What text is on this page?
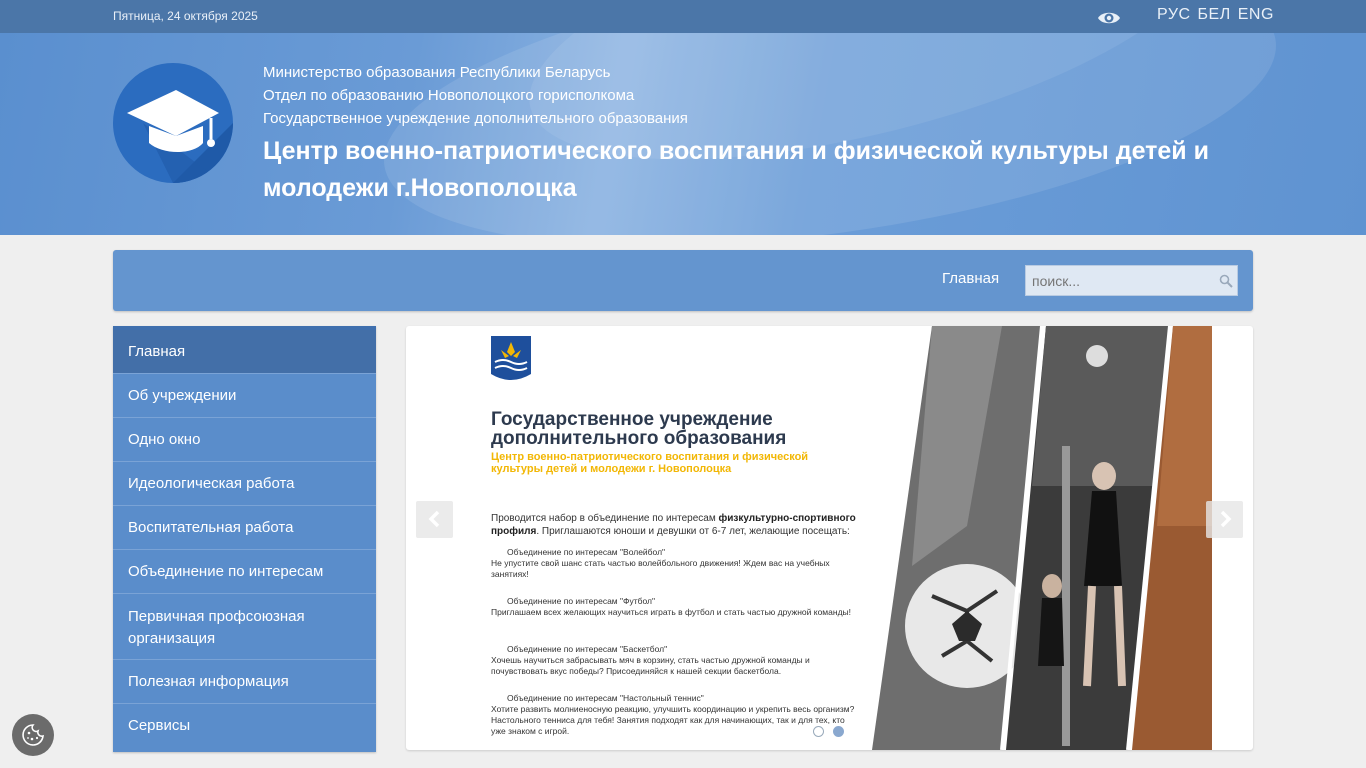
Пятница, 24 октября 2025	РУС БЕЛ ENG
Министерство образования Республики Беларусь
Отдел по образованию Новополоцкого горисполкома
Государственное учреждение дополнительного образования
Центр военно-патриотического воспитания и физической культуры детей и молодежи г.Новополоцка
Главная
поиск...
Главная
Об учреждении
Одно окно
Идеологическая работа
Воспитательная работа
Объединение по интересам
Первичная профсоюзная организация
Полезная информация
Сервисы
Государственное учреждение дополнительного образования
Центр военно-патриотического воспитания и физической культуры детей и молодежи г. Новополоцка
Проводится набор в объединение по интересам физкультурно-спортивного профиля. Приглашаются юноши и девушки от 6-7 лет, желающие посещать:
Объединение по интересам "Волейбол"
Не упустите свой шанс стать частью волейбольного движения! Ждем вас на учебных занятиях!
Объединение по интересам "Футбол"
Приглашаем всех желающих научиться играть в футбол и стать частью дружной команды!
Объединение по интересам "Баскетбол"
Хочешь научиться забрасывать мяч в корзину, стать частью дружной команды и почувствовать вкус победы? Присоединяйся к нашей секции баскетбола.
Объединение по интересам "Настольный теннис"
Хотите развить молниеносную реакцию, улучшить координацию и укрепить весь организм? Настольного тенниса для тебя! Занятия подходят как для начинающих, так и для тех, кто уже знаком с игрой.
